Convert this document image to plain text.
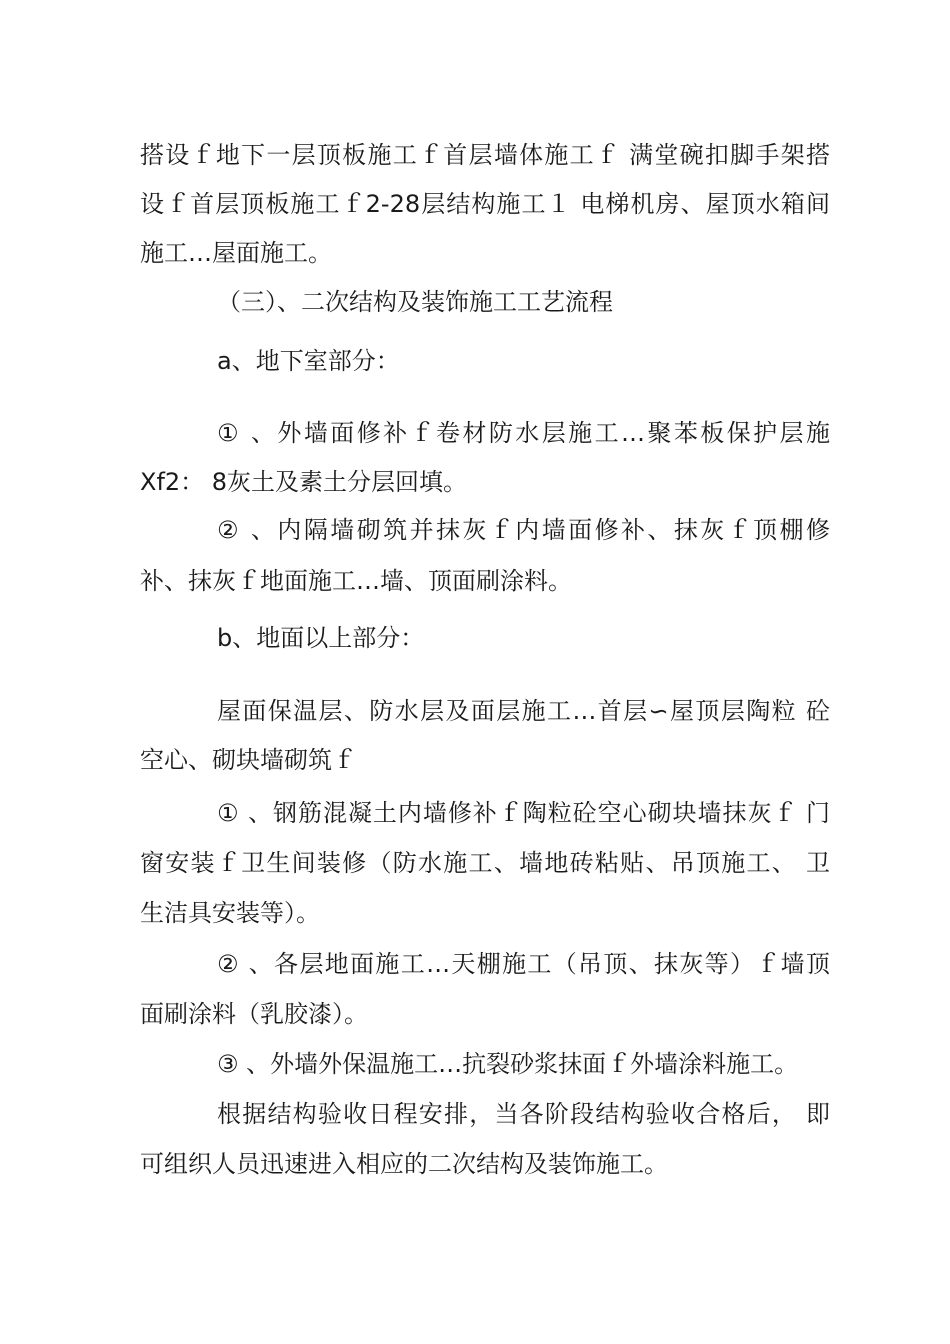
搭设ｆ地下一层顶板施工ｆ首层墙体施工ｆ 满堂碗扣脚手架搭
设ｆ首层顶板施工ｆ2-28层结构施工１ 电梯机房、屋顶水箱间
施工…屋面施工。
（三）、二次结构及装饰施工工艺流程
a、地下室部分：
① 、外墙面修补ｆ卷材防水层施工…聚苯板保护层施
Xf2： 8灰土及素土分层回填。
② 、内隔墙砌筑并抹灰ｆ内墙面修补、抹灰ｆ顶棚修
补、抹灰ｆ地面施工…墙、顶面刷涂料。
b、地面以上部分：
屋面保温层、防水层及面层施工…首层∽屋顶层陶粒 砼
空心、砌块墙砌筑ｆ
① 、钢筋混凝土内墙修补ｆ陶粒砼空心砌块墙抹灰ｆ 门
窗安装ｆ卫生间装修（防水施工、墙地砖粘贴、吊顶施工、 卫
生洁具安装等）。
② 、各层地面施工…天棚施工（吊顶、抹灰等）ｆ墙顶
面刷涂料（乳胶漆）。
③ 、外墙外保温施工…抗裂砂浆抹面ｆ外墙涂料施工。
根据结构验收日程安排，当各阶段结构验收合格后， 即
可组织人员迅速进入相应的二次结构及装饰施工。
